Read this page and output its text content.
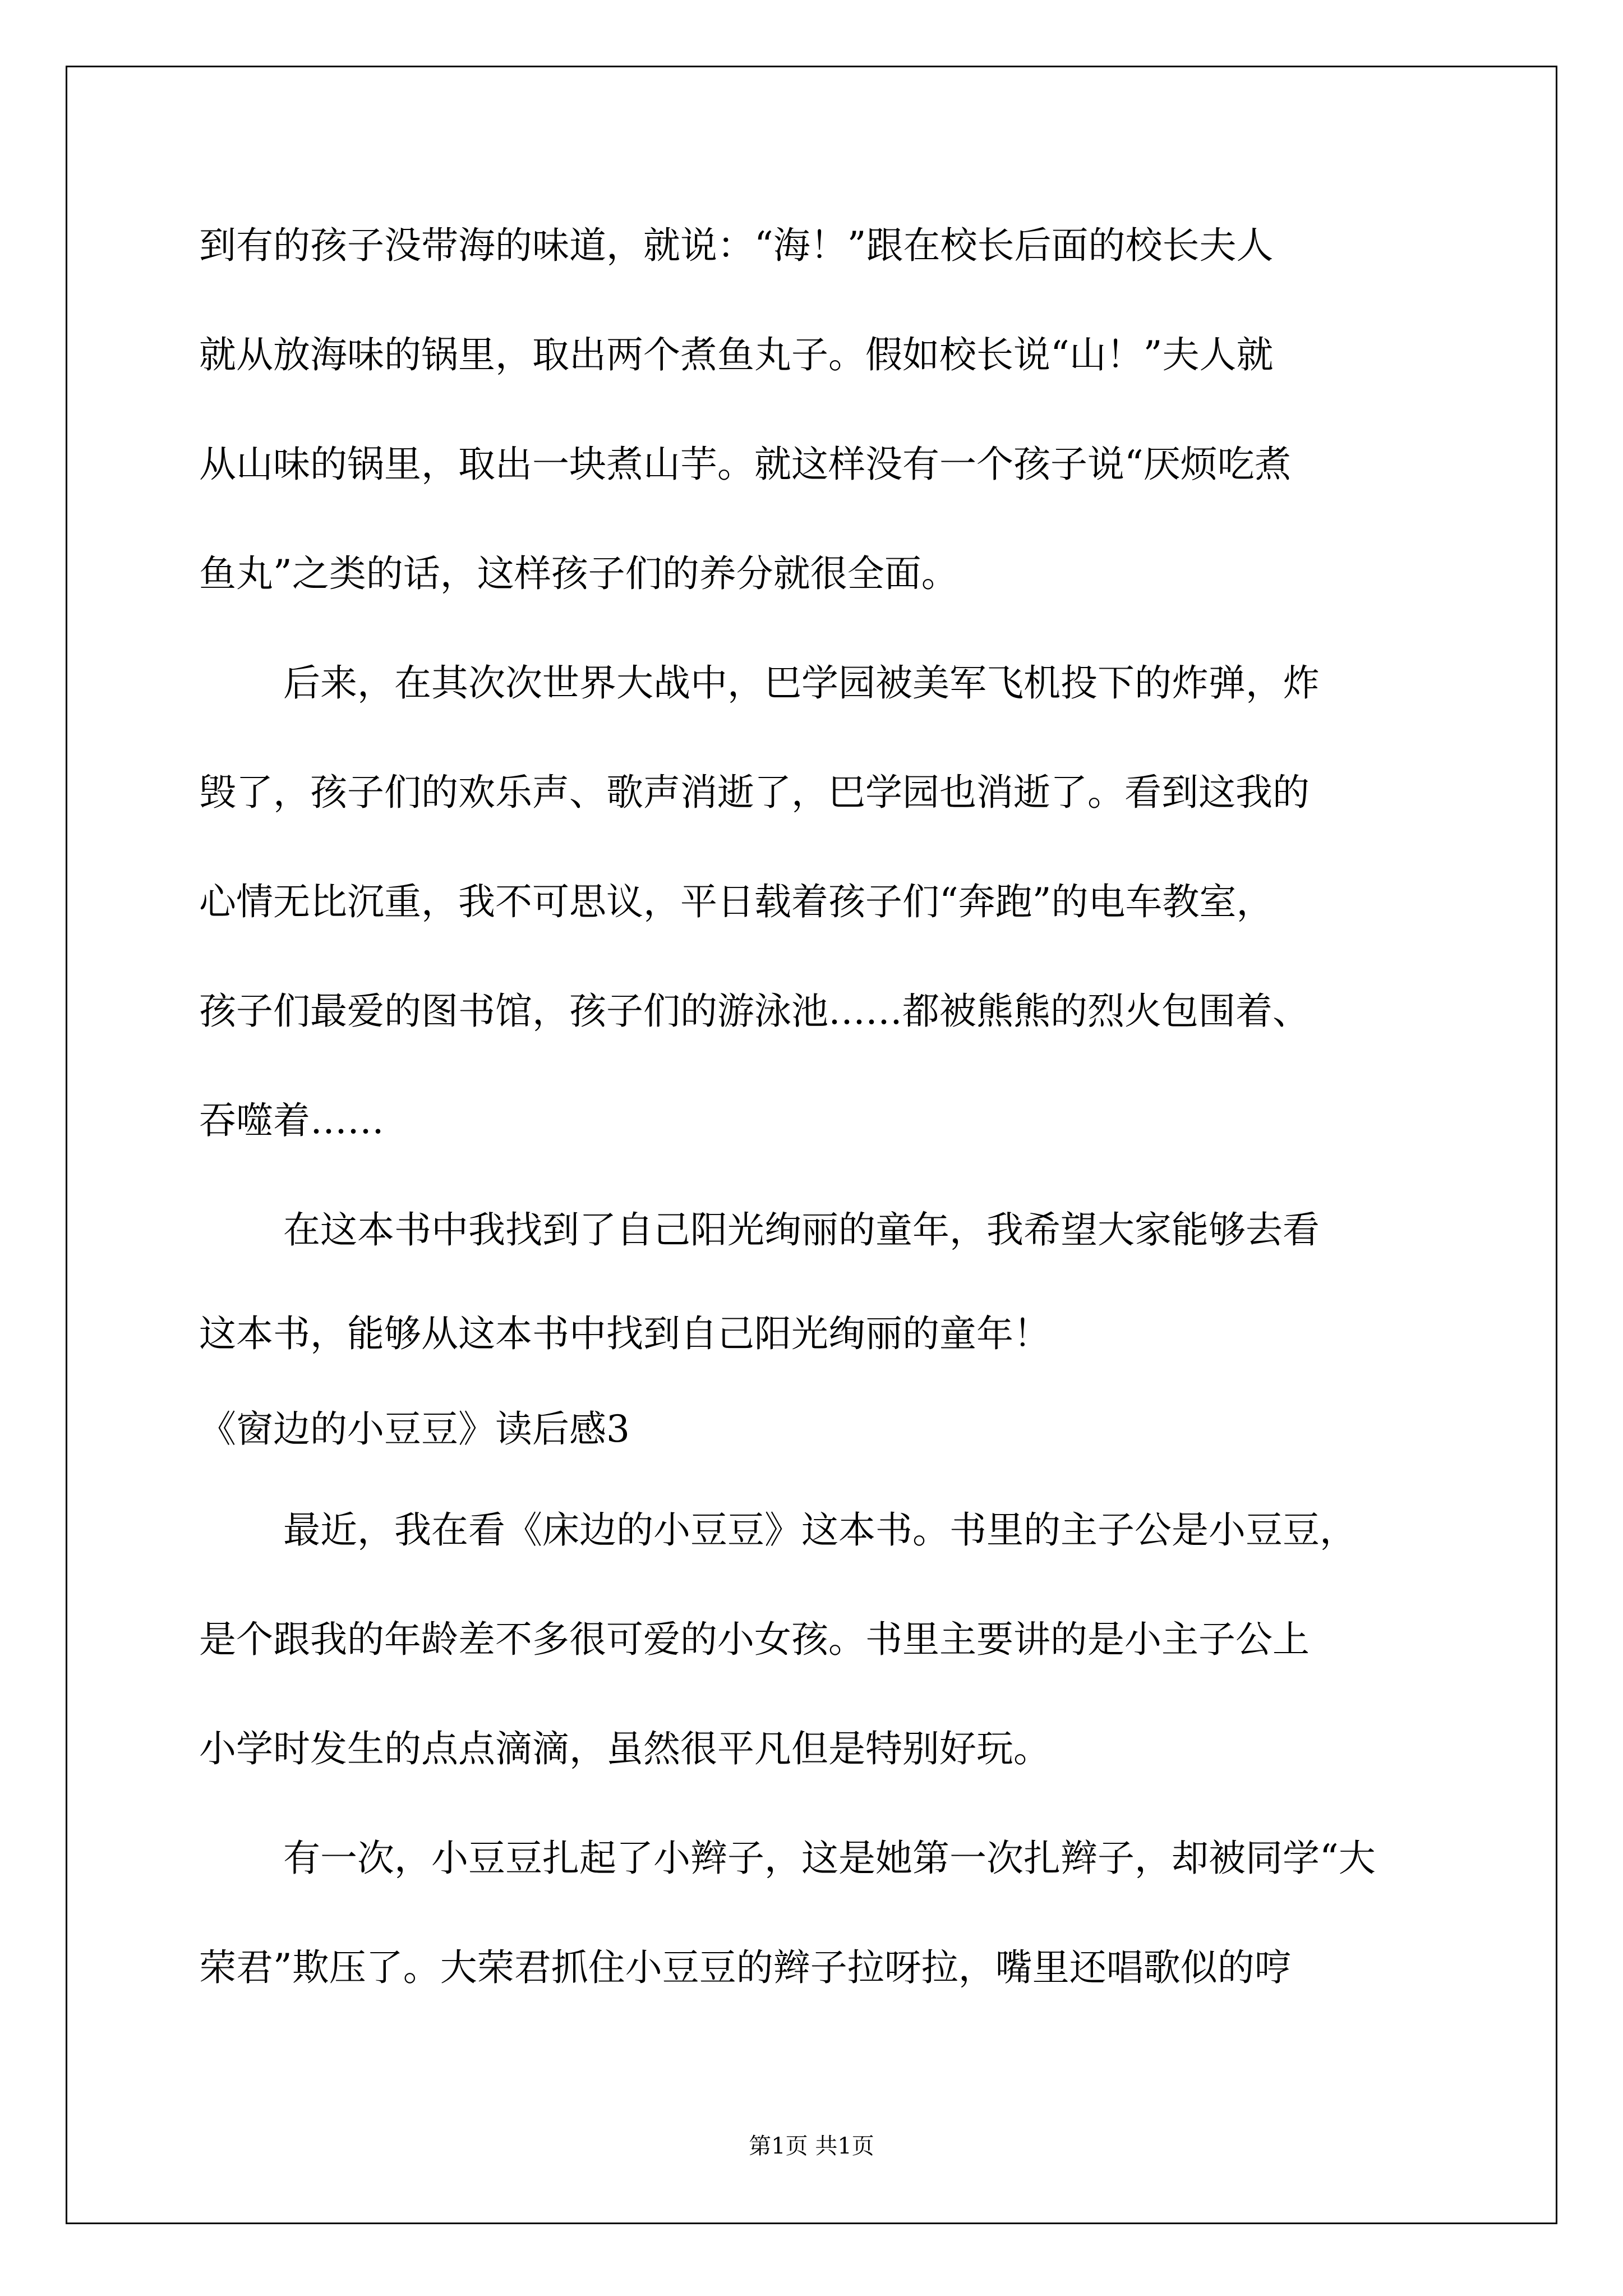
到有的孩子没带海的味道，就说：“海！”跟在校长后面的校长夫人
就从放海味的锅里，取出两个煮鱼丸子。假如校长说“山！”夫人就
从山味的锅里，取出一块煮山芋。就这样没有一个孩子说“厌烦吃煮
鱼丸”之类的话，这样孩子们的养分就很全面。
后来，在其次次世界大战中，巴学园被美军飞机投下的炸弹，炸
毁了，孩子们的欢乐声、歌声消逝了，巴学园也消逝了。看到这我的
心情无比沉重，我不可思议，平日载着孩子们“奔跑”的电车教室，
孩子们最爱的图书馆，孩子们的游泳池……都被熊熊的烈火包围着、
吞噬着……
在这本书中我找到了自己阳光绚丽的童年，我希望大家能够去看
这本书，能够从这本书中找到自己阳光绚丽的童年！
《窗边的小豆豆》读后感3
最近，我在看《床边的小豆豆》这本书。书里的主子公是小豆豆，
是个跟我的年龄差不多很可爱的小女孩。书里主要讲的是小主子公上
小学时发生的点点滴滴，虽然很平凡但是特别好玩。
有一次，小豆豆扎起了小辫子，这是她第一次扎辫子，却被同学“大
荣君”欺压了。大荣君抓住小豆豆的辫子拉呀拉，嘴里还唱歌似的哼
第1页 共1页
